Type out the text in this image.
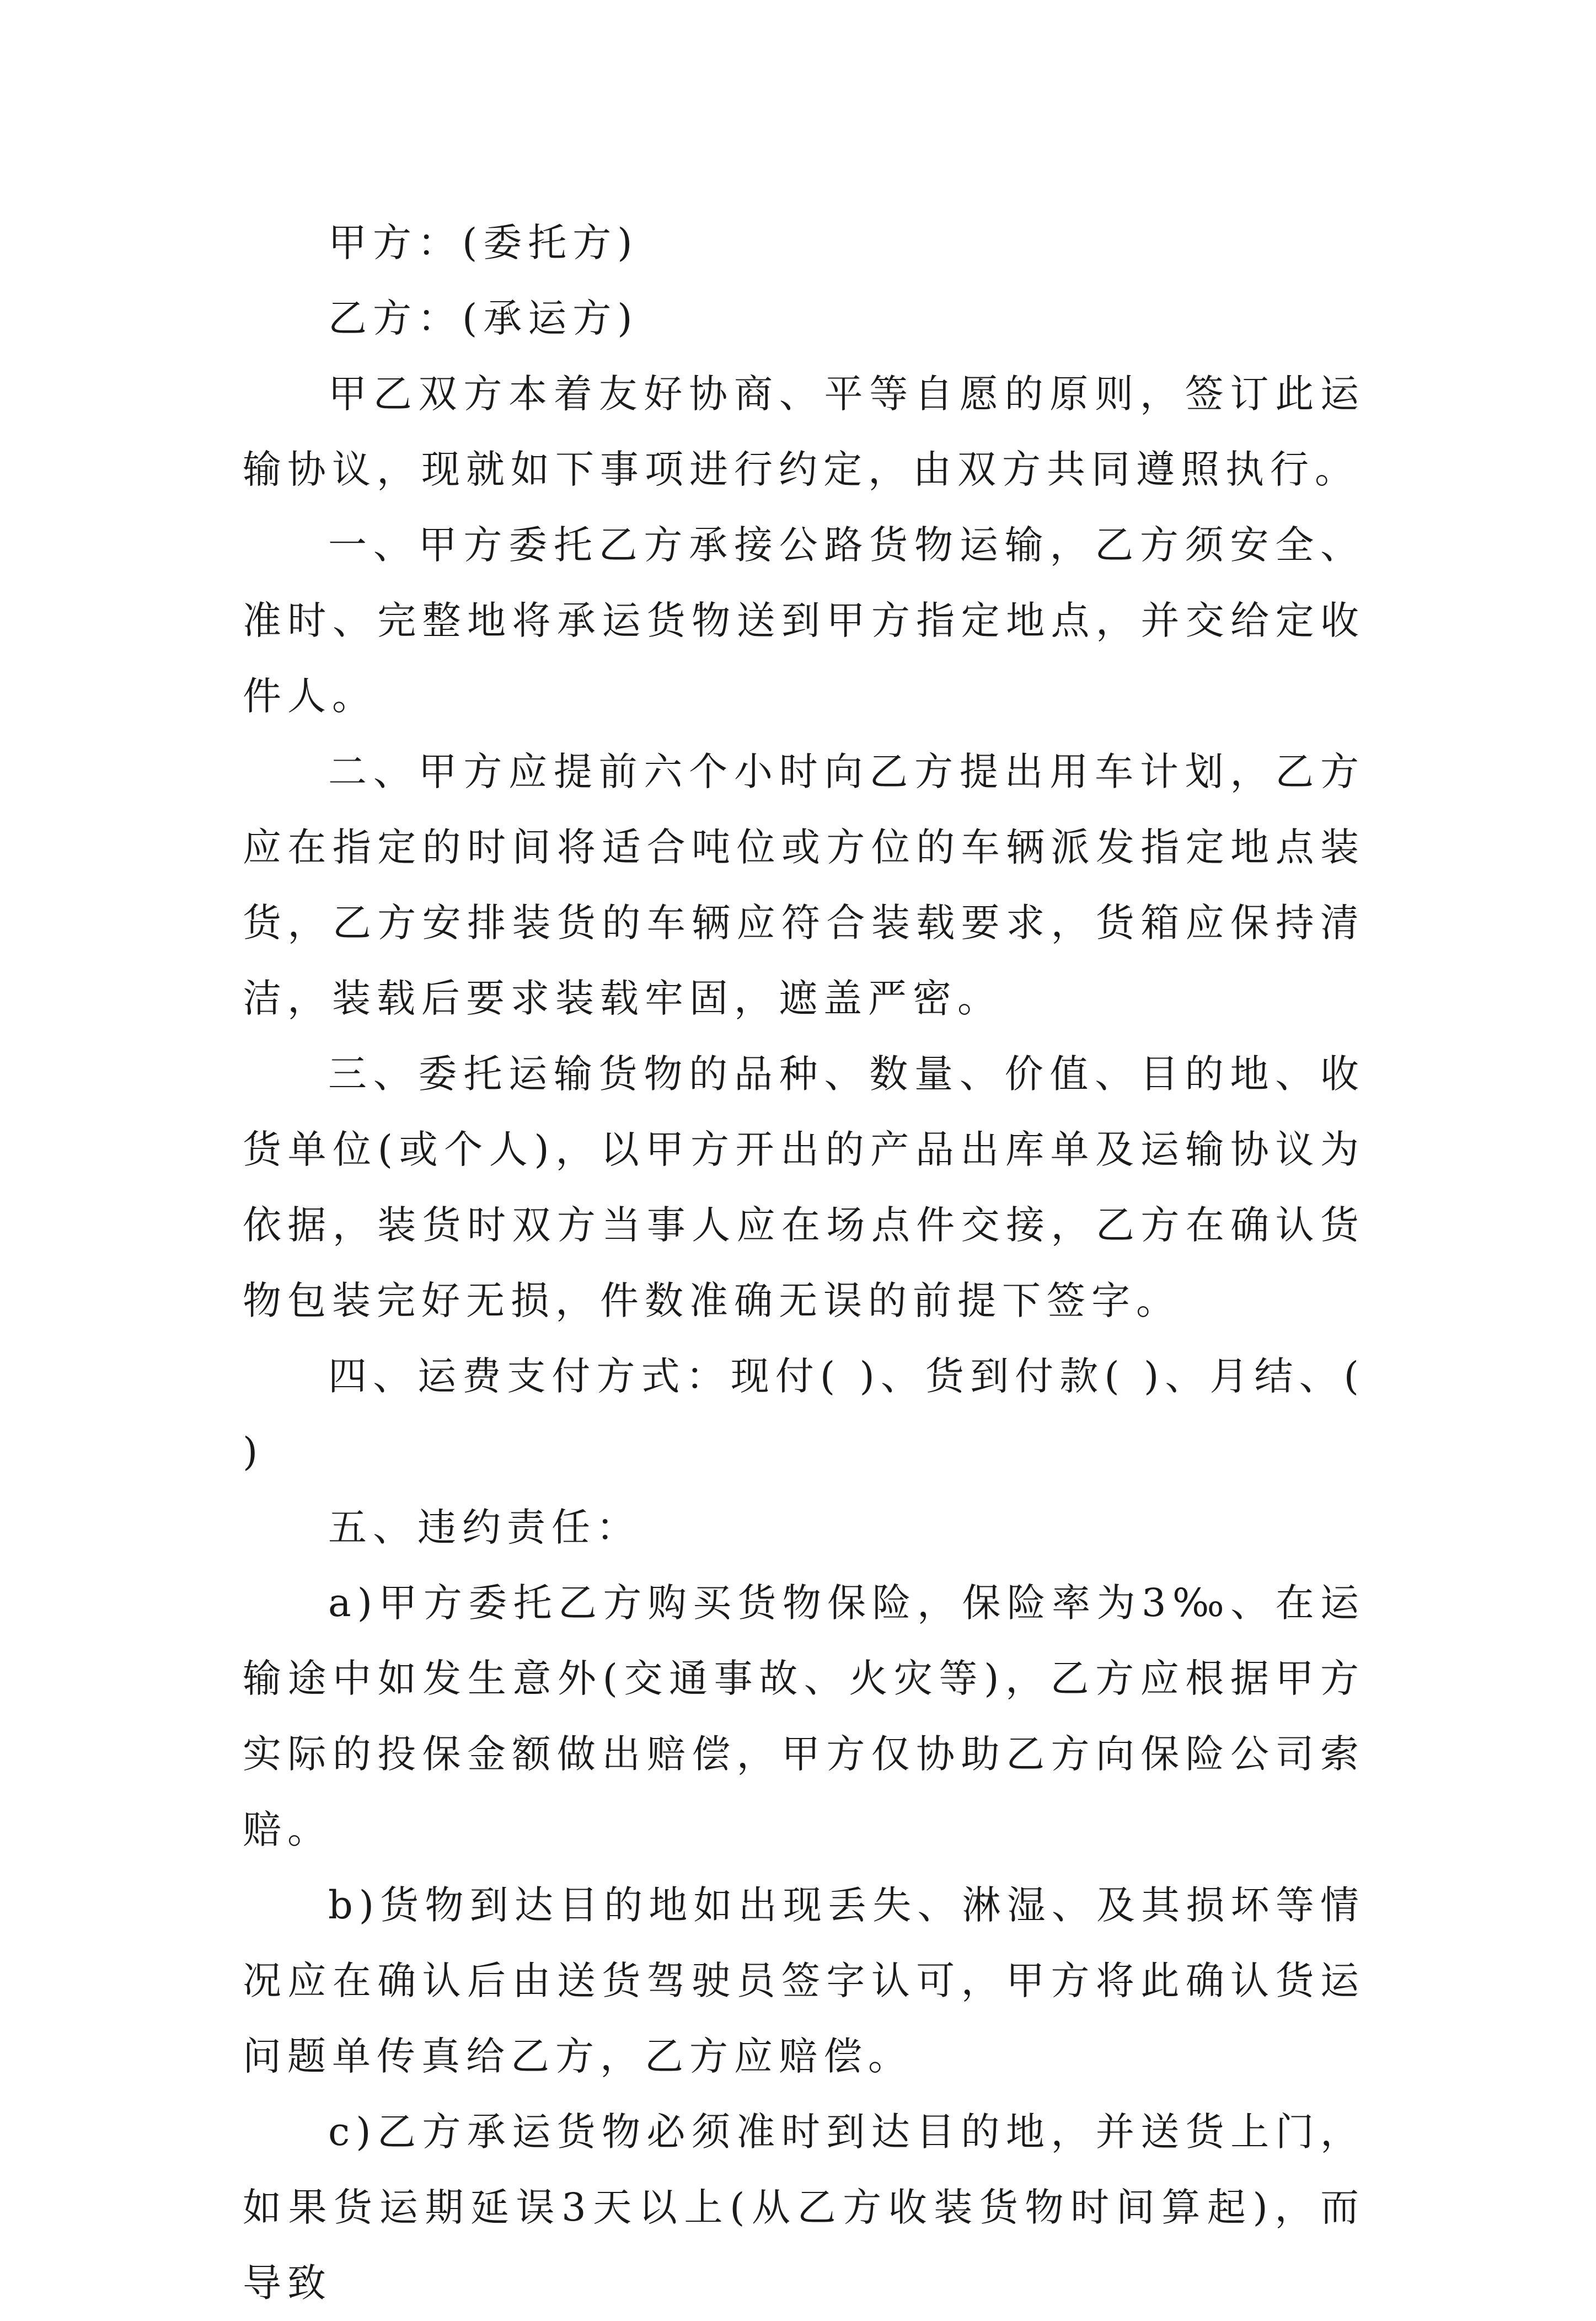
甲方：(委托方)

乙方：(承运方)

甲乙双方本着友好协商、平等自愿的原则，签订此运输协议，现就如下事项进行约定，由双方共同遵照执行。

一、甲方委托乙方承接公路货物运输，乙方须安全、准时、完整地将承运货物送到甲方指定地点，并交给定收件人。

二、甲方应提前六个小时向乙方提出用车计划，乙方应在指定的时间将适合吨位或方位的车辆派发指定地点装货，乙方安排装货的车辆应符合装载要求，货箱应保持清洁，装载后要求装载牢固，遮盖严密。

三、委托运输货物的品种、数量、价值、目的地、收货单位(或个人)，以甲方开出的产品出库单及运输协议为依据，装货时双方当事人应在场点件交接，乙方在确认货物包装完好无损，件数准确无误的前提下签字。

四、运费支付方式：现付( )、货到付款( )、月结、( )

五、违约责任：

a)甲方委托乙方购买货物保险，保险率为3‰、在运输途中如发生意外(交通事故、火灾等)，乙方应根据甲方实际的投保金额做出赔偿，甲方仅协助乙方向保险公司索赔。

b)货物到达目的地如出现丢失、淋湿、及其损坏等情况应在确认后由送货驾驶员签字认可，甲方将此确认货运问题单传真给乙方，乙方应赔偿。

c)乙方承运货物必须准时到达目的地，并送货上门，如果货运期延误3天以上(从乙方收装货物时间算起)，而导致
